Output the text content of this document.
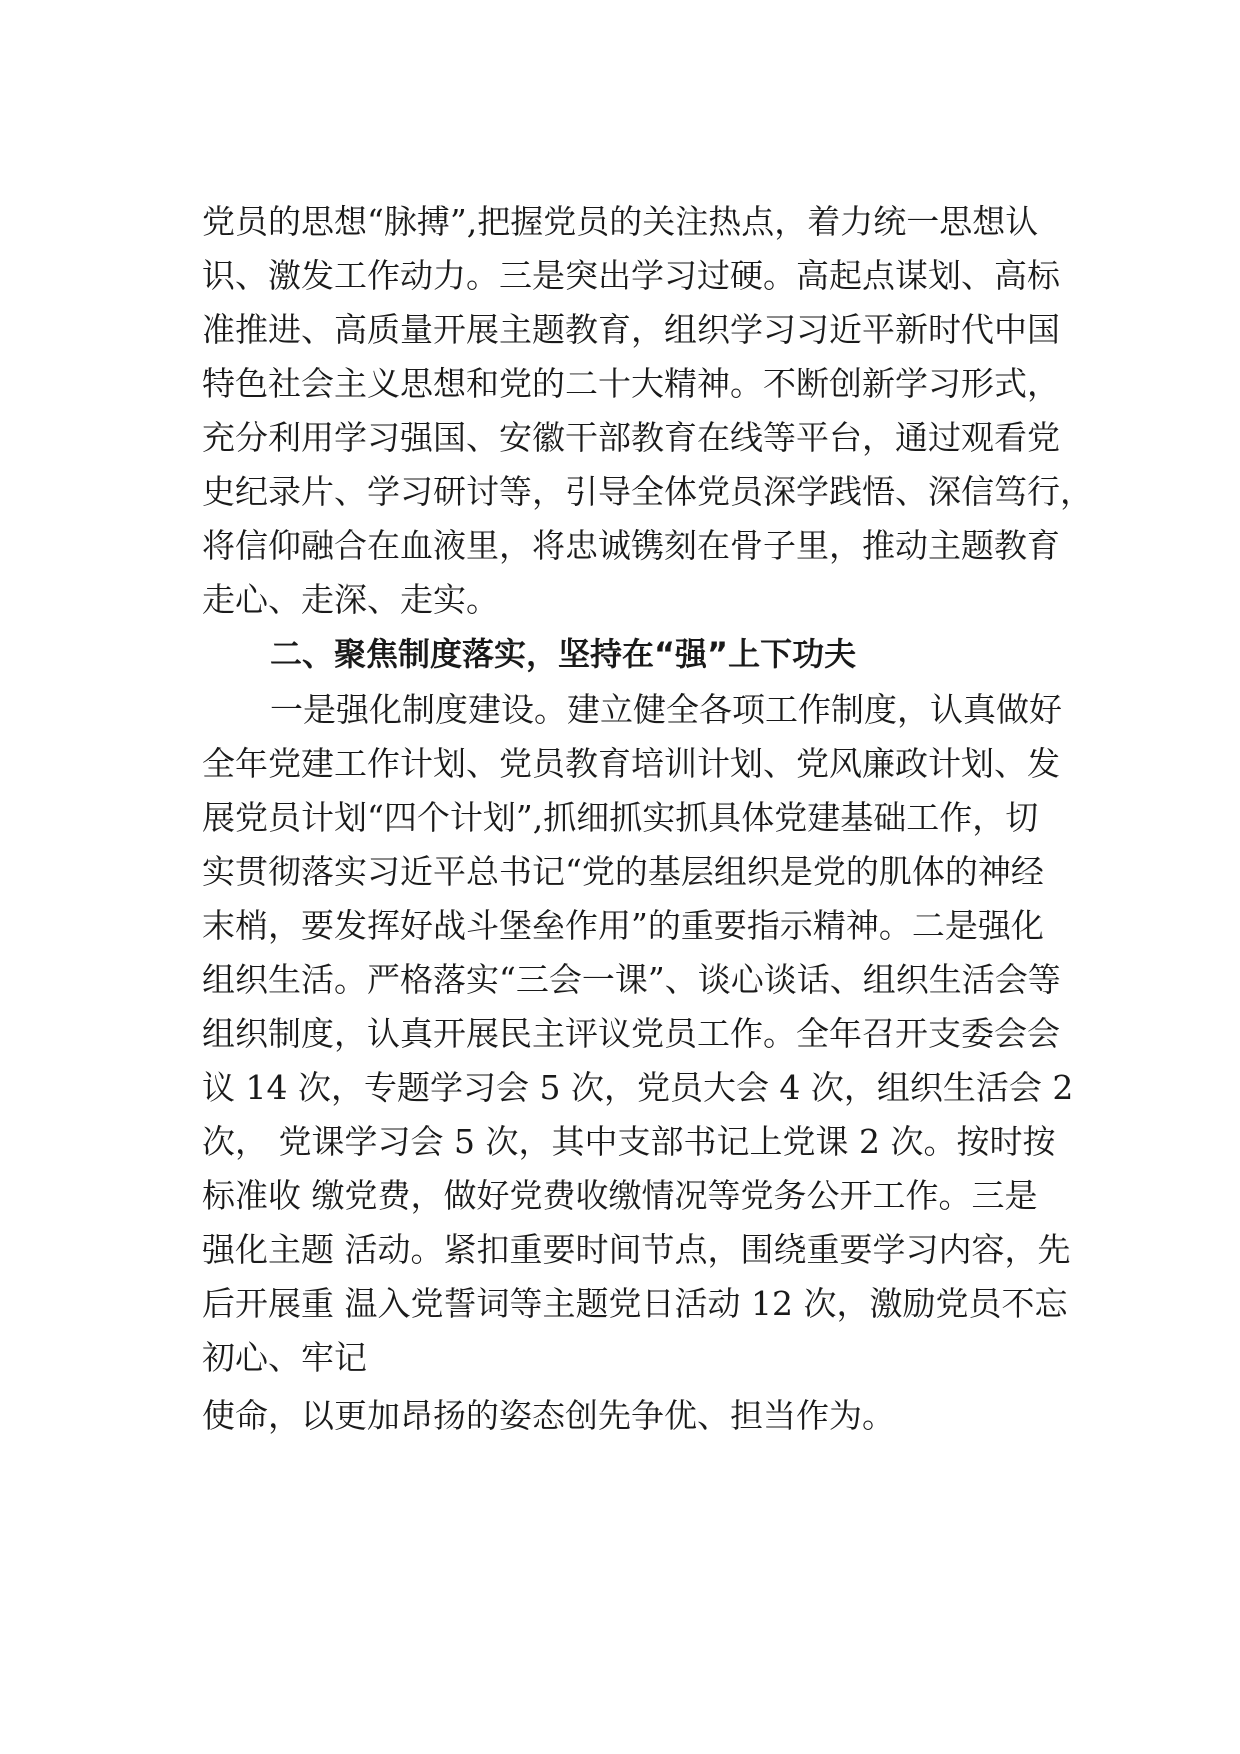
党员的思想“脉搏”,把握党员的关注热点，着力统一思想认
识、激发工作动力。三是突出学习过硬。高起点谋划、高标
准推进、高质量开展主题教育，组织学习习近平新时代中国
特色社会主义思想和党的二十大精神。不断创新学习形式，
充分利用学习强国、安徽干部教育在线等平台，通过观看党
史纪录片、学习研讨等，引导全体党员深学践悟、深信笃行，
将信仰融合在血液里，将忠诚镌刻在骨子里，推动主题教育
走心、走深、走实。
二、聚焦制度落实，坚持在“强”上下功夫
一是强化制度建设。建立健全各项工作制度，认真做好
全年党建工作计划、党员教育培训计划、党风廉政计划、发
展党员计划“四个计划”,抓细抓实抓具体党建基础工作，切
实贯彻落实习近平总书记“党的基层组织是党的肌体的神经
末梢，要发挥好战斗堡垒作用”的重要指示精神。二是强化
组织生活。严格落实“三会一课”、谈心谈话、组织生活会等
组织制度，认真开展民主评议党员工作。全年召开支委会会
议 14 次，专题学习会 5 次，党员大会 4 次，组织生活会 2
次， 党课学习会 5 次，其中支部书记上党课 2 次。按时按
标准收 缴党费，做好党费收缴情况等党务公开工作。三是
强化主题 活动。紧扣重要时间节点，围绕重要学习内容，先
后开展重 温入党誓词等主题党日活动 12 次，激励党员不忘
初心、牢记
使命，以更加昂扬的姿态创先争优、担当作为。
